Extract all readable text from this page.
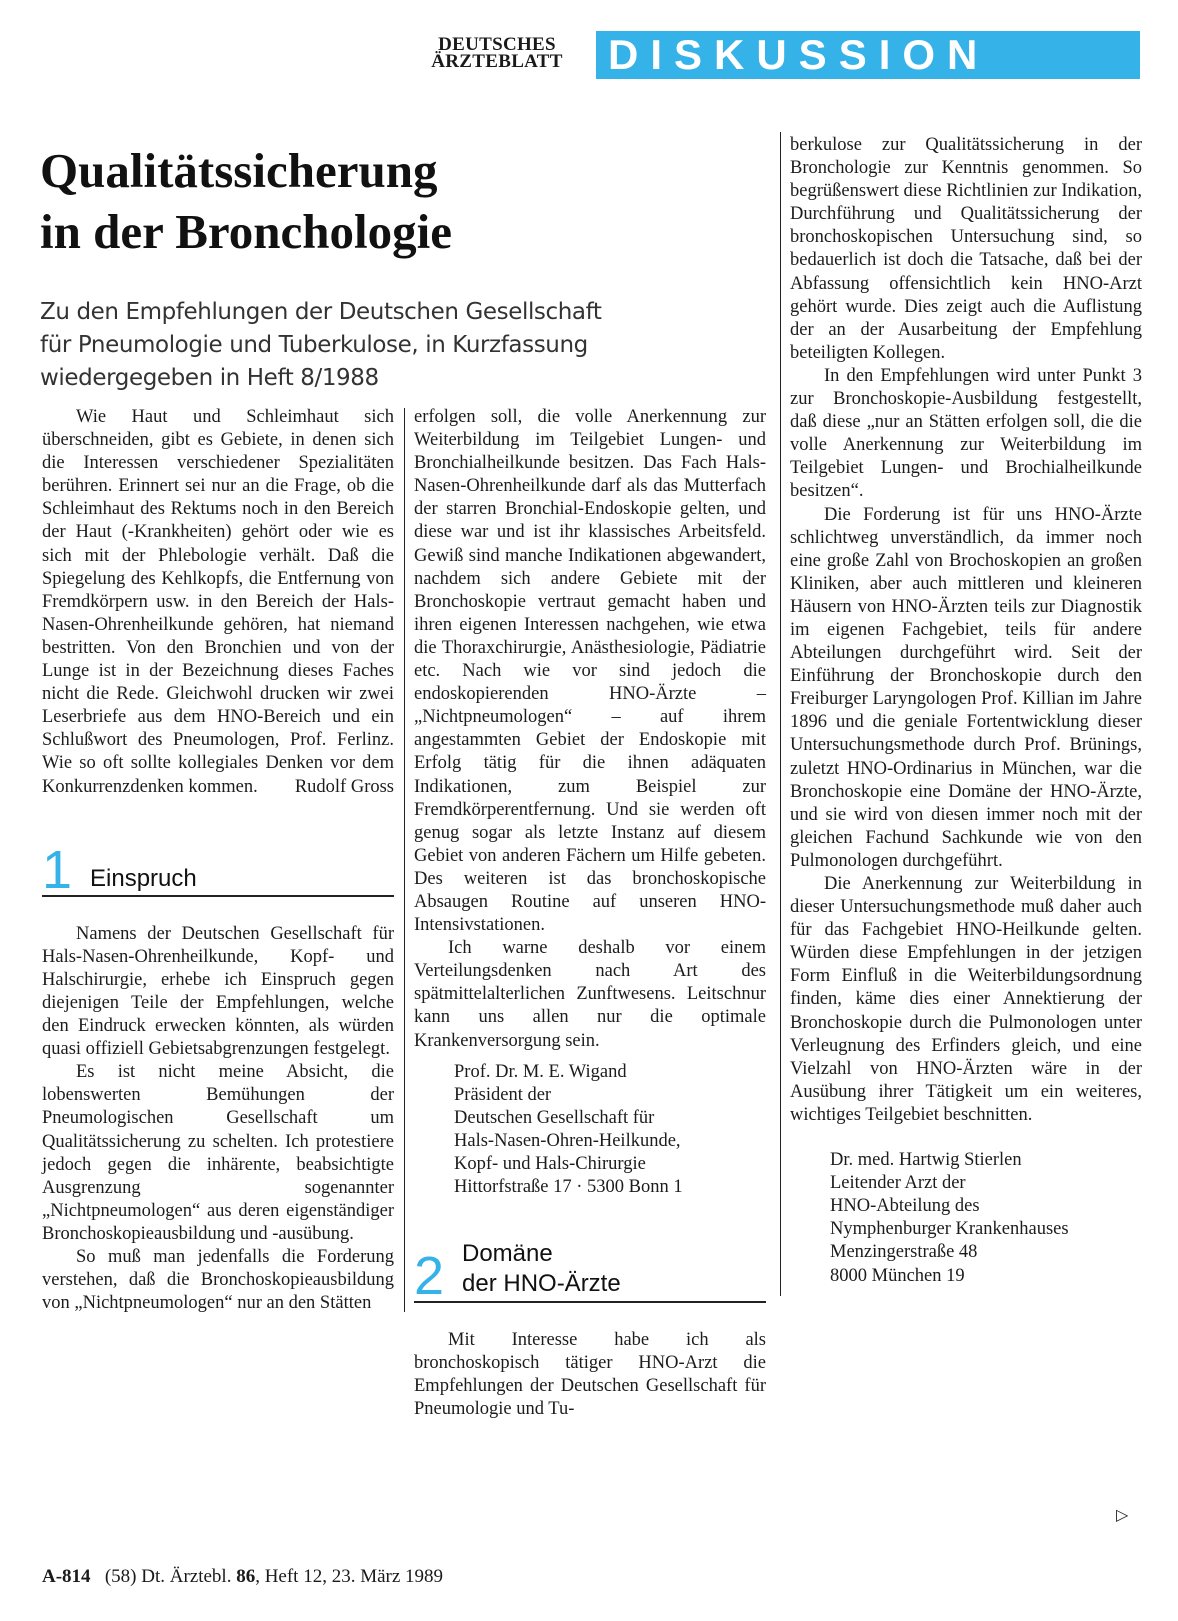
DEUTSCHES
ÄRZTEBLATT	DISKUSSION
Qualitätssicherung
in der Bronchologie
Zu den Empfehlungen der Deutschen Gesellschaft
für Pneumologie und Tuberkulose, in Kurzfassung
wiedergegeben in Heft 8/1988

Wie Haut und Schleimhaut sich überschneiden, gibt es Gebiete, in denen sich die Interessen verschiedener Spezialitäten berühren. Erinnert sei nur an die Frage, ob die Schleimhaut des Rektums noch in den Bereich der Haut (-Krankheiten) gehört oder wie es sich mit der Phlebologie verhält. Daß die Spiegelung des Kehlkopfs, die Entfernung von Fremdkörpern usw. in den Bereich der Hals-Nasen-Ohrenheilkunde gehören, hat niemand bestritten. Von den Bronchien und von der Lunge ist in der Bezeichnung dieses Faches nicht die Rede. Gleichwohl drucken wir zwei Leserbriefe aus dem HNO-Bereich und ein Schlußwort des Pneumologen, Prof. Ferlinz. Wie so oft sollte kollegiales Denken vor dem Konkurrenzdenken kommen.	Rudolf Gross

1 Einspruch

Namens der Deutschen Gesellschaft für Hals-Nasen-Ohrenheilkunde, Kopf- und Halschirurgie, erhebe ich Einspruch gegen diejenigen Teile der Empfehlungen, welche den Eindruck erwecken könnten, als würden quasi offiziell Gebietsabgrenzungen festgelegt.

Es ist nicht meine Absicht, die lobenswerten Bemühungen der Pneumologischen Gesellschaft um Qualitätssicherung zu schelten. Ich protestiere jedoch gegen die inhärente, beabsichtigte Ausgrenzung sogenannter „Nichtpneumologen“ aus deren eigenständiger Bronchoskopieausbildung und -ausübung.

So muß man jedenfalls die Forderung verstehen, daß die Bronchoskopieausbildung von „Nichtpneumologen“ nur an den Stätten

erfolgen soll, die volle Anerkennung zur Weiterbildung im Teilgebiet Lungen- und Bronchialheilkunde besitzen. Das Fach Hals-Nasen-Ohrenheilkunde darf als das Mutterfach der starren Bronchial-Endoskopie gelten, und diese war und ist ihr klassisches Arbeitsfeld. Gewiß sind manche Indikationen abgewandert, nachdem sich andere Gebiete mit der Bronchoskopie vertraut gemacht haben und ihren eigenen Interessen nachgehen, wie etwa die Thoraxchirurgie, Anästhesiologie, Pädiatrie etc. Nach wie vor sind jedoch die endoskopierenden HNO-Ärzte – „Nichtpneumologen“ – auf ihrem angestammten Gebiet der Endoskopie mit Erfolg tätig für die ihnen adäquaten Indikationen, zum Beispiel zur Fremdkörperentfernung. Und sie werden oft genug sogar als letzte Instanz auf diesem Gebiet von anderen Fächern um Hilfe gebeten. Des weiteren ist das bronchoskopische Absaugen Routine auf unseren HNO-Intensivstationen.

Ich warne deshalb vor einem Verteilungsdenken nach Art des spätmittelalterlichen Zunftwesens. Leitschnur kann uns allen nur die optimale Krankenversorgung sein.

Prof. Dr. M. E. Wigand

Präsident der

Deutschen Gesellschaft für

Hals-Nasen-Ohren-Heilkunde,

Kopf- und Hals-Chirurgie

Hittorfstraße 17 · 5300 Bonn 1

2 Domäne
der HNO-Ärzte

Mit Interesse habe ich als bronchoskopisch tätiger HNO-Arzt die Empfehlungen der Deutschen Gesellschaft für Pneumologie und Tu-

berkulose zur Qualitätssicherung in der Bronchologie zur Kenntnis genommen. So begrüßenswert diese Richtlinien zur Indikation, Durchführung und Qualitätssicherung der bronchoskopischen Untersuchung sind, so bedauerlich ist doch die Tatsache, daß bei der Abfassung offensichtlich kein HNO-Arzt gehört wurde. Dies zeigt auch die Auflistung der an der Ausarbeitung der Empfehlung beteiligten Kollegen.

In den Empfehlungen wird unter Punkt 3 zur Bronchoskopie-Ausbildung festgestellt, daß diese „nur an Stätten erfolgen soll, die die volle Anerkennung zur Weiterbildung im Teilgebiet Lungen- und Brochialheilkunde besitzen“.

Die Forderung ist für uns HNO-Ärzte schlichtweg unverständlich, da immer noch eine große Zahl von Brochoskopien an großen Kliniken, aber auch mittleren und kleineren Häusern von HNO-Ärzten teils zur Diagnostik im eigenen Fachgebiet, teils für andere Abteilungen durchgeführt wird. Seit der Einführung der Bronchoskopie durch den Freiburger Laryngologen Prof. Killian im Jahre 1896 und die geniale Fortentwicklung dieser Untersuchungsmethode durch Prof. Brünings, zuletzt HNO-Ordinarius in München, war die Bronchoskopie eine Domäne der HNO-Ärzte, und sie wird von diesen immer noch mit der gleichen Fachund Sachkunde wie von den Pulmonologen durchgeführt.

Die Anerkennung zur Weiterbildung in dieser Untersuchungsmethode muß daher auch für das Fachgebiet HNO-Heilkunde gelten. Würden diese Empfehlungen in der jetzigen Form Einfluß in die Weiterbildungsordnung finden, käme dies einer Annektierung der Bronchoskopie durch die Pulmonologen unter Verleugnung des Erfinders gleich, und eine Vielzahl von HNO-Ärzten wäre in der Ausübung ihrer Tätigkeit um ein weiteres, wichtiges Teilgebiet beschnitten.

Dr. med. Hartwig Stierlen

Leitender Arzt der

HNO-Abteilung des

Nymphenburger Krankenhauses

Menzingerstraße 48

8000 München 19

▷
A-814 (58) Dt. Ärztebl. 86, Heft 12, 23. März 1989
